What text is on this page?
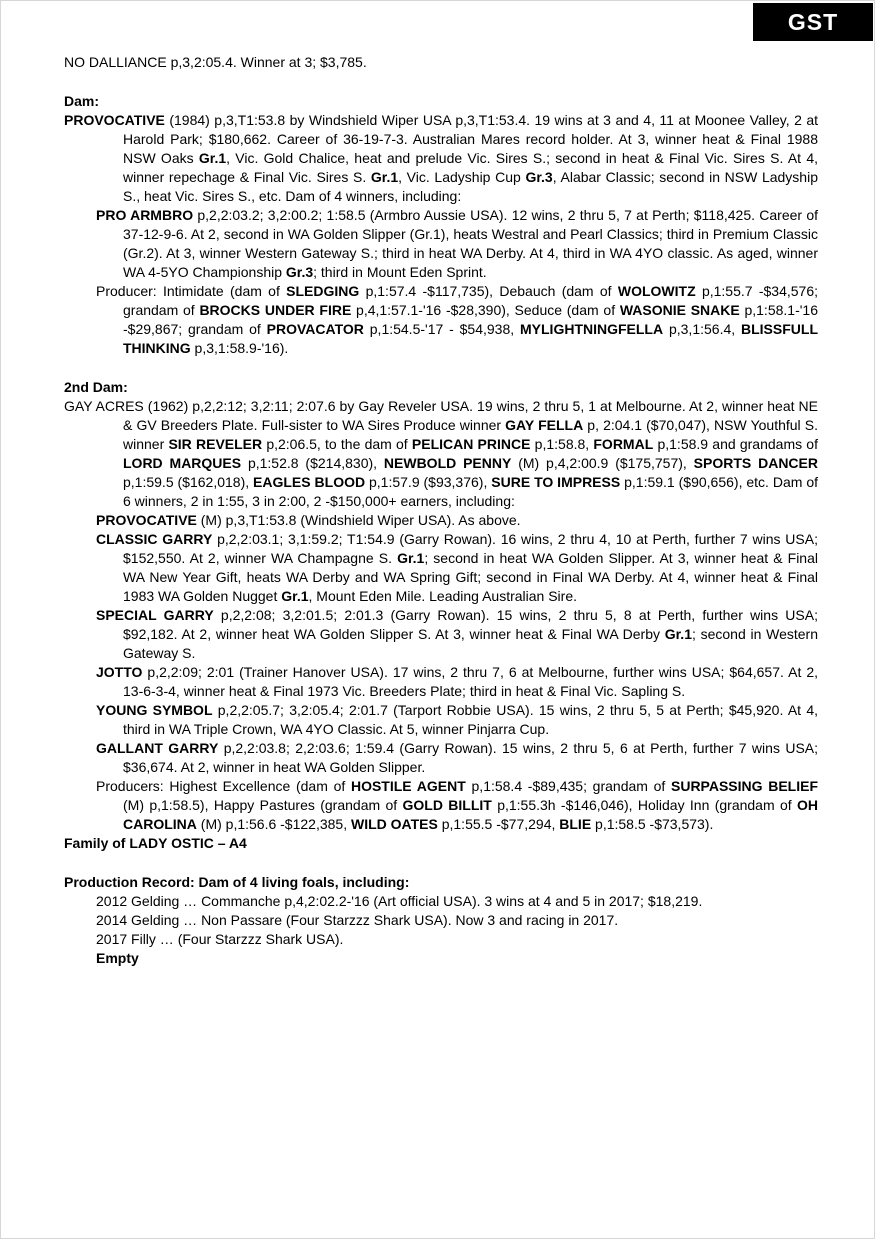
GST

NO DALLIANCE p,3,2:05.4. Winner at 3; $3,785.

Dam:

PROVOCATIVE (1984) p,3,T1:53.8 by Windshield Wiper USA p,3,T1:53.4. 19 wins at 3 and 4, 11 at Moonee Valley, 2 at Harold Park; $180,662. Career of 36-19-7-3. Australian Mares record holder. At 3, winner heat & Final 1988 NSW Oaks Gr.1, Vic. Gold Chalice, heat and prelude Vic. Sires S.; second in heat & Final Vic. Sires S. At 4, winner repechage & Final Vic. Sires S. Gr.1, Vic. Ladyship Cup Gr.3, Alabar Classic; second in NSW Ladyship S., heat Vic. Sires S., etc. Dam of 4 winners, including:

PRO ARMBRO p,2,2:03.2; 3,2:00.2; 1:58.5 (Armbro Aussie USA). 12 wins, 2 thru 5, 7 at Perth; $118,425. Career of 37-12-9-6. At 2, second in WA Golden Slipper (Gr.1), heats Westral and Pearl Classics; third in Premium Classic (Gr.2). At 3, winner Western Gateway S.; third in heat WA Derby. At 4, third in WA 4YO classic. As aged, winner WA 4-5YO Championship Gr.3; third in Mount Eden Sprint.

Producer: Intimidate (dam of SLEDGING p,1:57.4 -$117,735), Debauch (dam of WOLOWITZ p,1:55.7 -$34,576; grandam of BROCKS UNDER FIRE p,4,1:57.1-'16 -$28,390), Seduce (dam of WASONIE SNAKE p,1:58.1-'16 -$29,867; grandam of PROVACATOR p,1:54.5-'17 - $54,938, MYLIGHTNINGFELLA p,3,1:56.4, BLISSFULL THINKING p,3,1:58.9-'16).

2nd Dam:

GAY ACRES (1962) p,2,2:12; 3,2:11; 2:07.6 by Gay Reveler USA. 19 wins, 2 thru 5, 1 at Melbourne. At 2, winner heat NE & GV Breeders Plate. Full-sister to WA Sires Produce winner GAY FELLA p, 2:04.1 ($70,047), NSW Youthful S. winner SIR REVELER p,2:06.5, to the dam of PELICAN PRINCE p,1:58.8, FORMAL p,1:58.9 and grandams of LORD MARQUES p,1:52.8 ($214,830), NEWBOLD PENNY (M) p,4,2:00.9 ($175,757), SPORTS DANCER p,1:59.5 ($162,018), EAGLES BLOOD p,1:57.9 ($93,376), SURE TO IMPRESS p,1:59.1 ($90,656), etc. Dam of 6 winners, 2 in 1:55, 3 in 2:00, 2 -$150,000+ earners, including:

PROVOCATIVE (M) p,3,T1:53.8 (Windshield Wiper USA). As above.

CLASSIC GARRY p,2,2:03.1; 3,1:59.2; T1:54.9 (Garry Rowan). 16 wins, 2 thru 4, 10 at Perth, further 7 wins USA; $152,550. At 2, winner WA Champagne S. Gr.1; second in heat WA Golden Slipper. At 3, winner heat & Final WA New Year Gift, heats WA Derby and WA Spring Gift; second in Final WA Derby. At 4, winner heat & Final 1983 WA Golden Nugget Gr.1, Mount Eden Mile. Leading Australian Sire.

SPECIAL GARRY p,2,2:08; 3,2:01.5; 2:01.3 (Garry Rowan). 15 wins, 2 thru 5, 8 at Perth, further wins USA; $92,182. At 2, winner heat WA Golden Slipper S. At 3, winner heat & Final WA Derby Gr.1; second in Western Gateway S.

JOTTO p,2,2:09; 2:01 (Trainer Hanover USA). 17 wins, 2 thru 7, 6 at Melbourne, further wins USA; $64,657. At 2, 13-6-3-4, winner heat & Final 1973 Vic. Breeders Plate; third in heat & Final Vic. Sapling S.

YOUNG SYMBOL p,2,2:05.7; 3,2:05.4; 2:01.7 (Tarport Robbie USA). 15 wins, 2 thru 5, 5 at Perth; $45,920. At 4, third in WA Triple Crown, WA 4YO Classic. At 5, winner Pinjarra Cup.

GALLANT GARRY p,2,2:03.8; 2,2:03.6; 1:59.4 (Garry Rowan). 15 wins, 2 thru 5, 6 at Perth, further 7 wins USA; $36,674. At 2, winner in heat WA Golden Slipper.

Producers: Highest Excellence (dam of HOSTILE AGENT p,1:58.4 -$89,435; grandam of SURPASSING BELIEF (M) p,1:58.5), Happy Pastures (grandam of GOLD BILLIT p,1:55.3h -$146,046), Holiday Inn (grandam of OH CAROLINA (M) p,1:56.6 -$122,385, WILD OATES p,1:55.5 -$77,294, BLIE p,1:58.5 -$73,573).

Family of LADY OSTIC – A4

Production Record: Dam of 4 living foals, including:

2012 Gelding … Commanche p,4,2:02.2-'16 (Art official USA). 3 wins at 4 and 5 in 2017; $18,219.

2014 Gelding … Non Passare (Four Starzzz Shark USA). Now 3 and racing in 2017.

2017 Filly … (Four Starzzz Shark USA).

Empty
